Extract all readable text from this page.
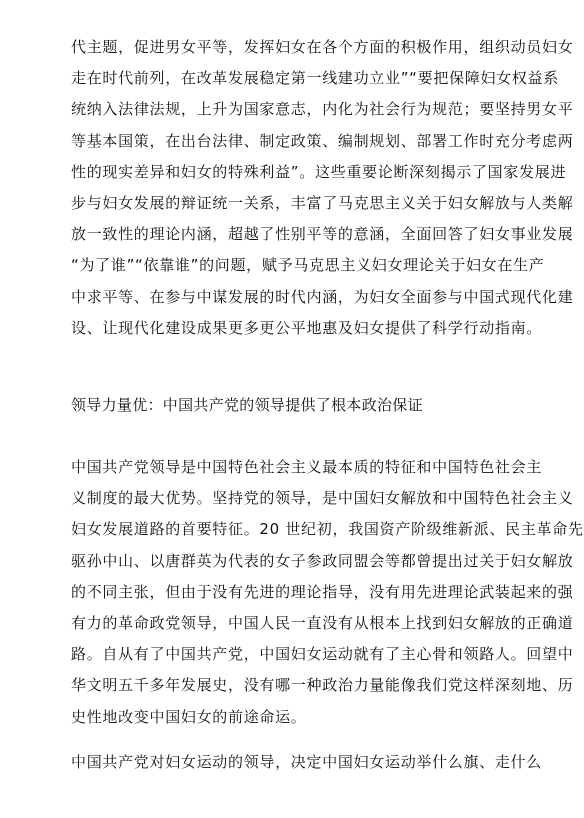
代主题，促进男女平等，发挥妇女在各个方面的积极作用，组织动员妇女
走在时代前列，在改革发展稳定第一线建功立业”“要把保障妇女权益系
统纳入法律法规，上升为国家意志，内化为社会行为规范；要坚持男女平
等基本国策，在出台法律、制定政策、编制规划、部署工作时充分考虑两
性的现实差异和妇女的特殊利益”。这些重要论断深刻揭示了国家发展进
步与妇女发展的辩证统一关系，丰富了马克思主义关于妇女解放与人类解
放一致性的理论内涵，超越了性别平等的意涵，全面回答了妇女事业发展
“为了谁”“依靠谁”的问题，赋予马克思主义妇女理论关于妇女在生产
中求平等、在参与中谋发展的时代内涵，为妇女全面参与中国式现代化建
设、让现代化建设成果更多更公平地惠及妇女提供了科学行动指南。
领导力量优：中国共产党的领导提供了根本政治保证
中国共产党领导是中国特色社会主义最本质的特征和中国特色社会主
义制度的最大优势。坚持党的领导，是中国妇女解放和中国特色社会主义
妇女发展道路的首要特征。20 世纪初，我国资产阶级维新派、民主革命先
驱孙中山、以唐群英为代表的女子参政同盟会等都曾提出过关于妇女解放
的不同主张，但由于没有先进的理论指导，没有用先进理论武装起来的强
有力的革命政党领导，中国人民一直没有从根本上找到妇女解放的正确道
路。自从有了中国共产党，中国妇女运动就有了主心骨和领路人。回望中
华文明五千多年发展史，没有哪一种政治力量能像我们党这样深刻地、历
史性地改变中国妇女的前途命运。
中国共产党对妇女运动的领导，决定中国妇女运动举什么旗、走什么
